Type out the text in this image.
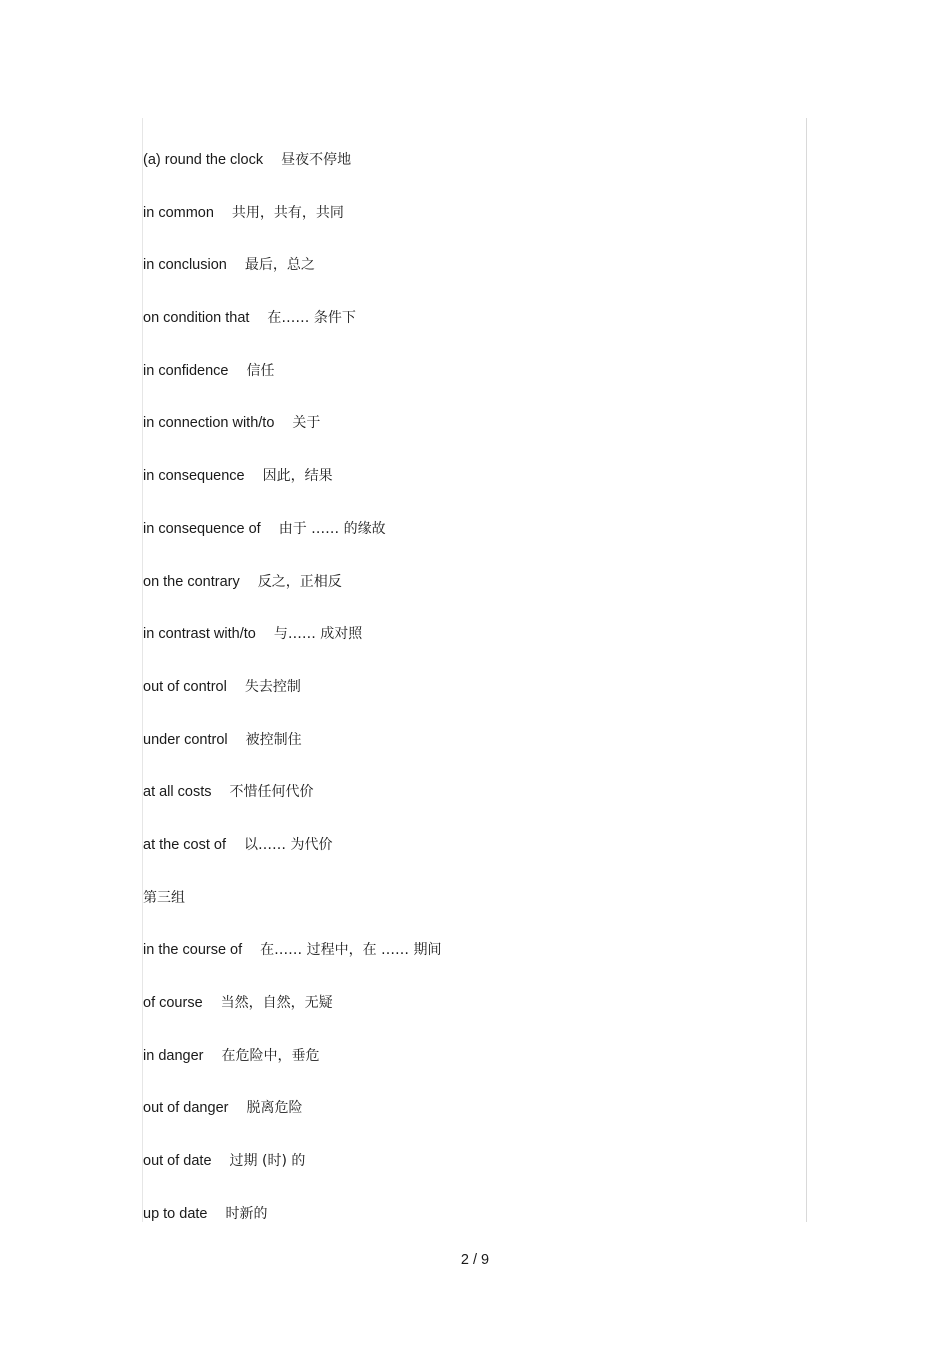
(a) round the clock 昼夜不停地
in common 共用，共有，共同
in conclusion 最后，总之
on condition that 在…… 条件下
in confidence 信任
in connection with/to 关于
in consequence 因此，结果
in consequence of 由于 …… 的缘故
on the contrary 反之，正相反
in contrast with/to 与…… 成对照
out of control 失去控制
under control 被控制住
at all costs 不惜任何代价
at the cost of 以…… 为代价
第三组
in the course of 在…… 过程中，在 …… 期间
of course 当然，自然，无疑
in danger 在危险中，垂危
out of danger 脱离危险
out of date 过期 (时) 的
up to date 时新的
2 / 9
